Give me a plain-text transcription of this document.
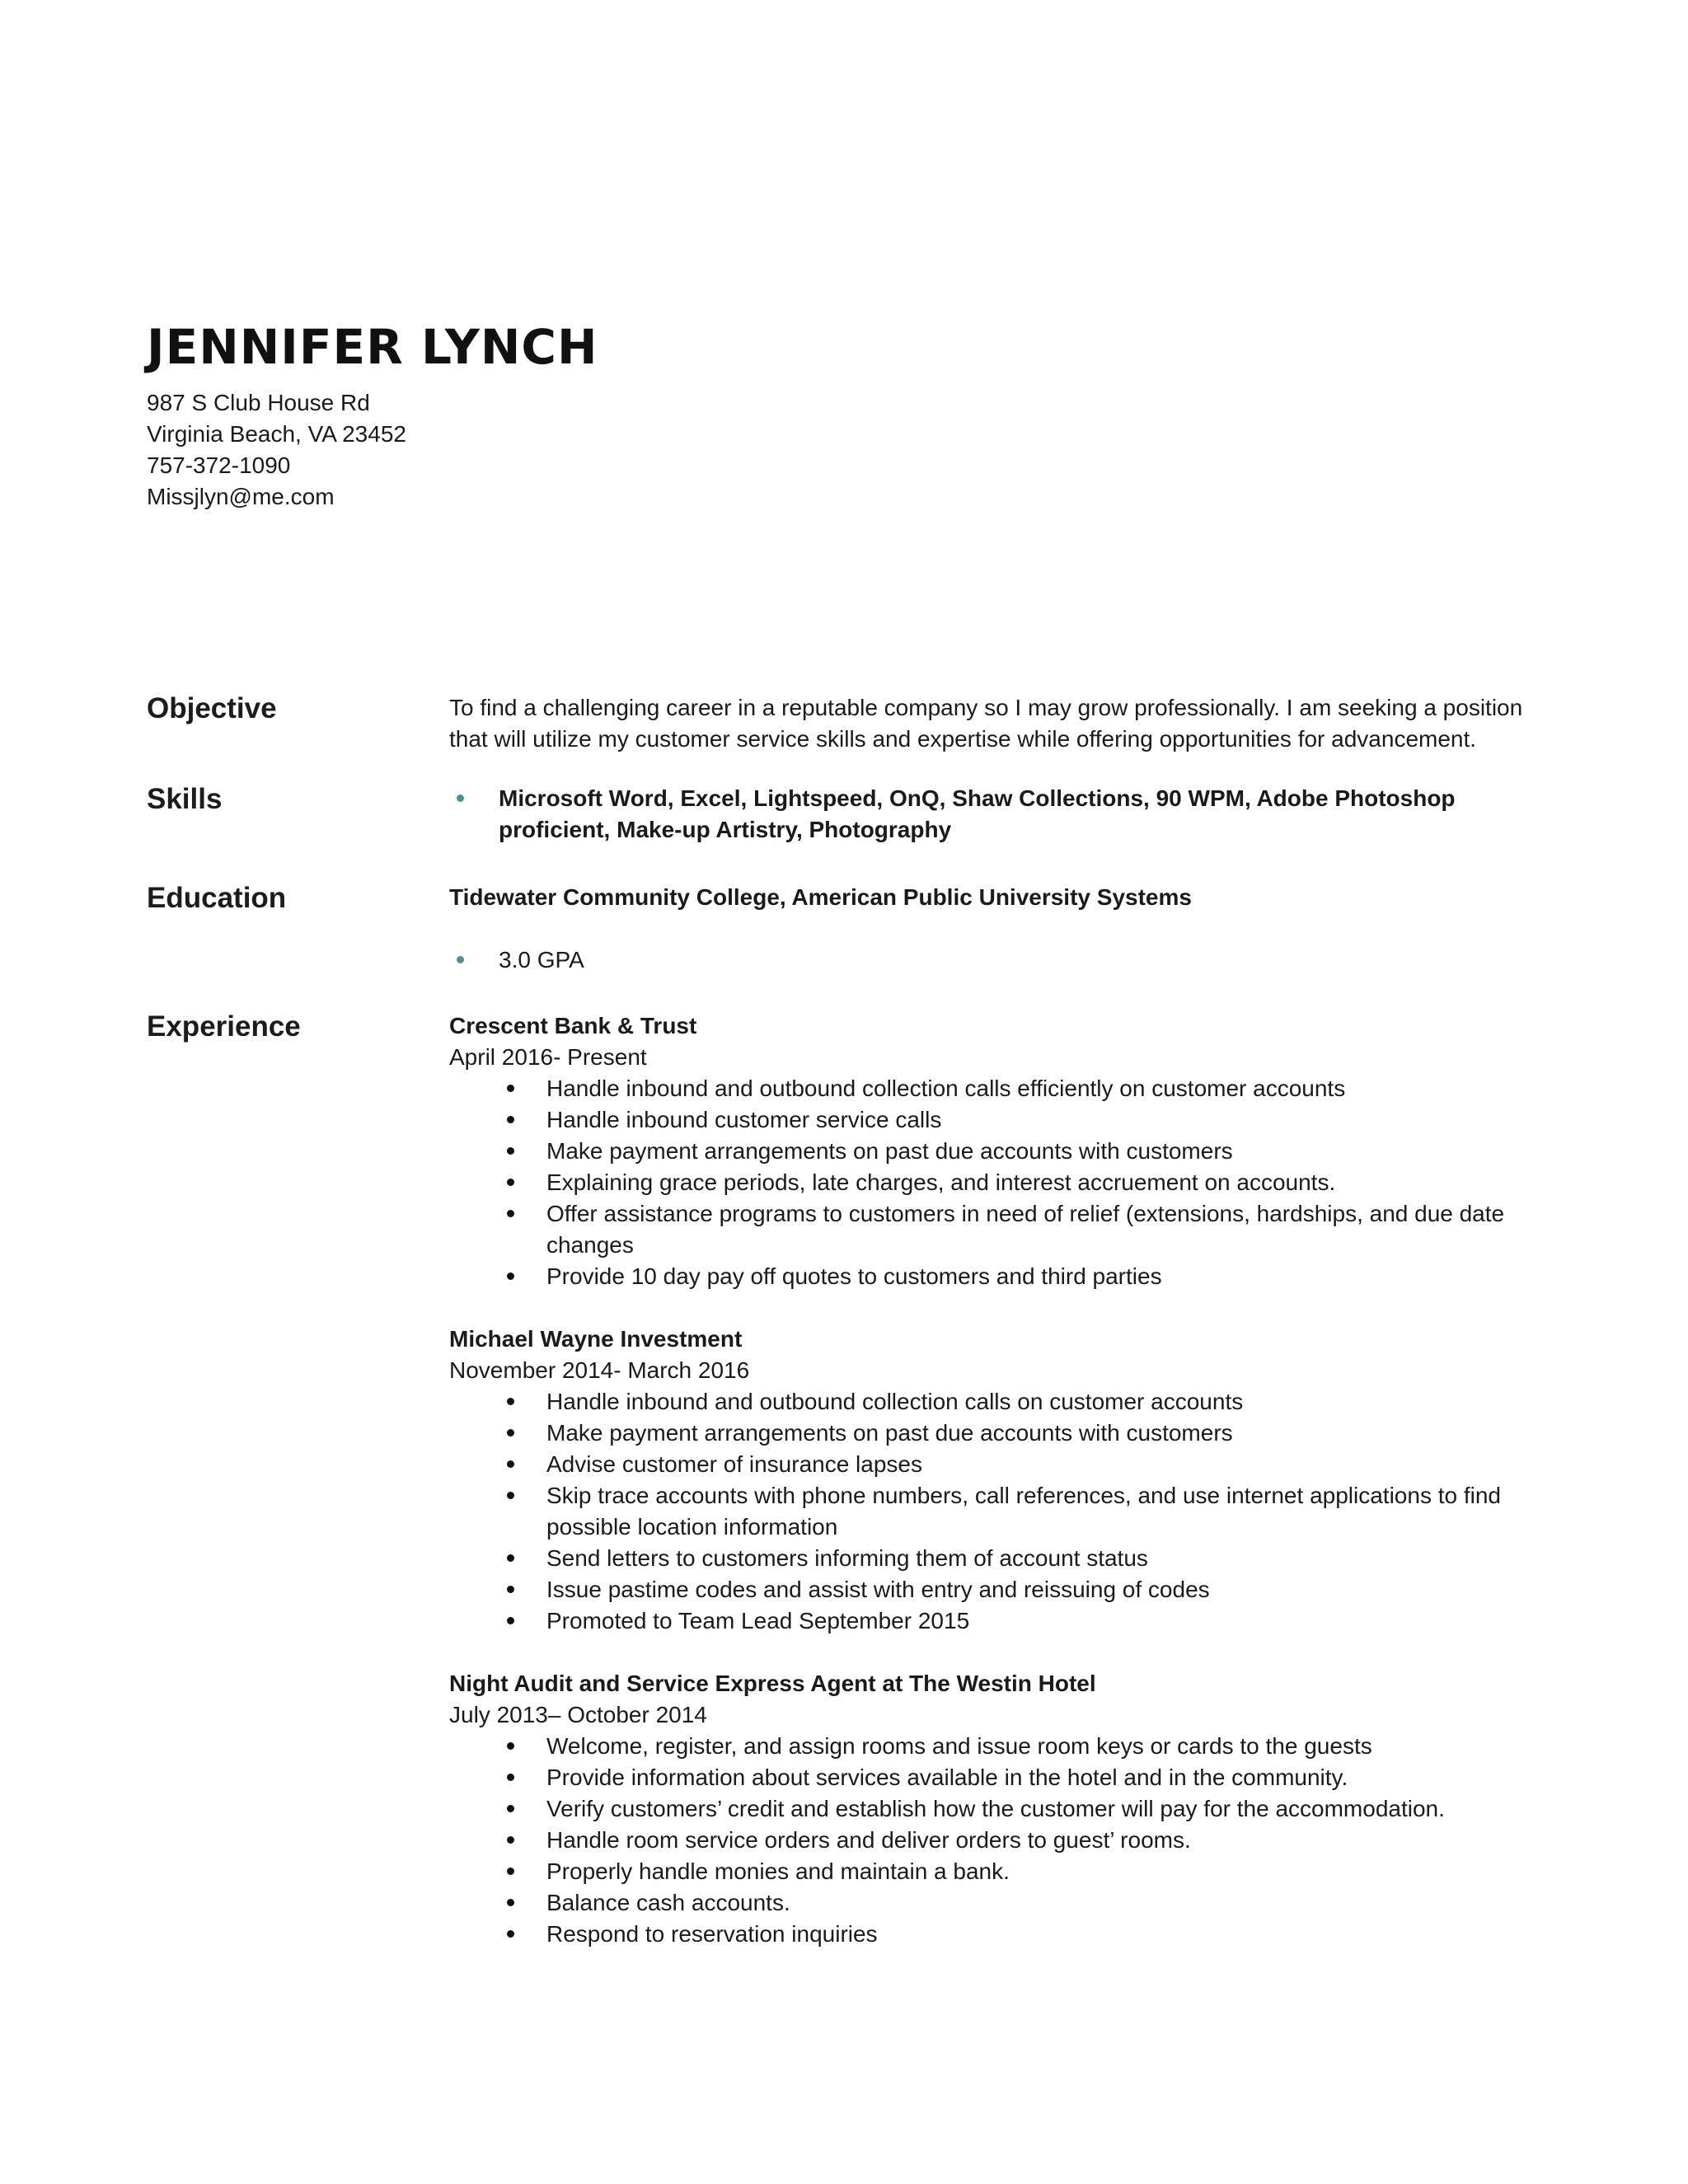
JENNIFER LYNCH
987 S Club House Rd
Virginia Beach, VA 23452
757-372-1090
Missjlyn@me.com
Objective	To find a challenging career in a reputable company so I may grow professionally. I am seeking a position that will utilize my customer service skills and expertise while offering opportunities for advancement.

Skills	Microsoft Word, Excel, Lightspeed, OnQ, Shaw Collections, 90 WPM, Adobe Photoshop proficient, Make-up Artistry, Photography
Education	Tidewater Community College, American Public University Systems

3.0 GPA
Experience	Crescent Bank & Trust

April 2016- Present

Handle inbound and outbound collection calls efficiently on customer accounts
Handle inbound customer service calls
Make payment arrangements on past due accounts with customers
Explaining grace periods, late charges, and interest accruement on accounts.
Offer assistance programs to customers in need of relief (extensions, hardships, and due date changes
Provide 10 day pay off quotes to customers and third parties

Michael Wayne Investment

November 2014- March 2016

Handle inbound and outbound collection calls on customer accounts
Make payment arrangements on past due accounts with customers
Advise customer of insurance lapses
Skip trace accounts with phone numbers, call references, and use internet applications to find possible location information
Send letters to customers informing them of account status
Issue pastime codes and assist with entry and reissuing of codes
Promoted to Team Lead September 2015

Night Audit and Service Express Agent at The Westin Hotel

July 2013– October 2014

Welcome, register, and assign rooms and issue room keys or cards to the guests
Provide information about services available in the hotel and in the community.
Verify customers’ credit and establish how the customer will pay for the accommodation.
Handle room service orders and deliver orders to guest’ rooms.
Properly handle monies and maintain a bank.
Balance cash accounts.
Respond to reservation inquiries
